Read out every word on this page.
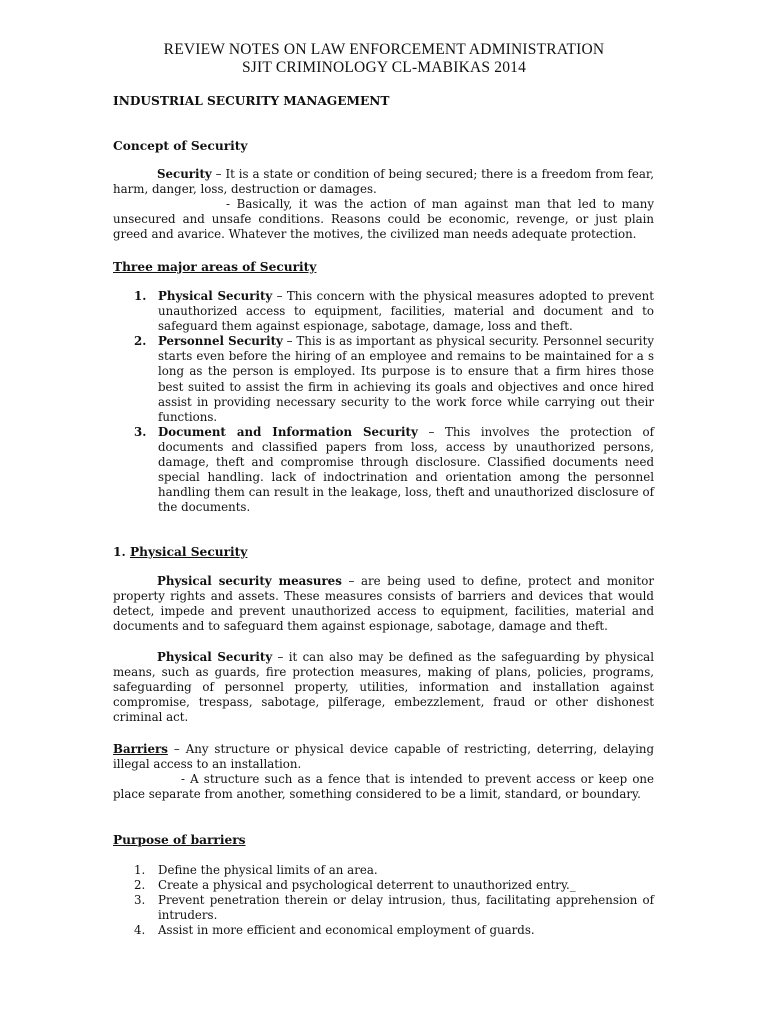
REVIEW NOTES ON LAW ENFORCEMENT ADMINISTRATION
SJIT CRIMINOLOGY CL-MABIKAS 2014
INDUSTRIAL SECURITY MANAGEMENT
Concept of Security
Security – It is a state or condition of being secured; there is a freedom from fear, harm, danger, loss, destruction or damages.
- Basically, it was the action of man against man that led to many unsecured and unsafe conditions. Reasons could be economic, revenge, or just plain greed and avarice. Whatever the motives, the civilized man needs adequate protection.
Three major areas of Security
1. Physical Security – This concern with the physical measures adopted to prevent unauthorized access to equipment, facilities, material and document and to safeguard them against espionage, sabotage, damage, loss and theft.
2. Personnel Security – This is as important as physical security. Personnel security starts even before the hiring of an employee and remains to be maintained for a s long as the person is employed. Its purpose is to ensure that a firm hires those best suited to assist the firm in achieving its goals and objectives and once hired assist in providing necessary security to the work force while carrying out their functions.
3. Document and Information Security – This involves the protection of documents and classified papers from loss, access by unauthorized persons, damage, theft and compromise through disclosure. Classified documents need special handling. lack of indoctrination and orientation among the personnel handling them can result in the leakage, loss, theft and unauthorized disclosure of the documents.
1. Physical Security
Physical security measures – are being used to define, protect and monitor property rights and assets. These measures consists of barriers and devices that would detect, impede and prevent unauthorized access to equipment, facilities, material and documents and to safeguard them against espionage, sabotage, damage and theft.
Physical Security – it can also may be defined as the safeguarding by physical means, such as guards, fire protection measures, making of plans, policies, programs, safeguarding of personnel property, utilities, information and installation against compromise, trespass, sabotage, pilferage, embezzlement, fraud or other dishonest criminal act.
Barriers – Any structure or physical device capable of restricting, deterring, delaying illegal access to an installation.
- A structure such as a fence that is intended to prevent access or keep one place separate from another, something considered to be a limit, standard, or boundary.
Purpose of barriers
1. Define the physical limits of an area.
2. Create a physical and psychological deterrent to unauthorized entry._
3. Prevent penetration therein or delay intrusion, thus, facilitating apprehension of intruders.
4. Assist in more efficient and economical employment of guards.
